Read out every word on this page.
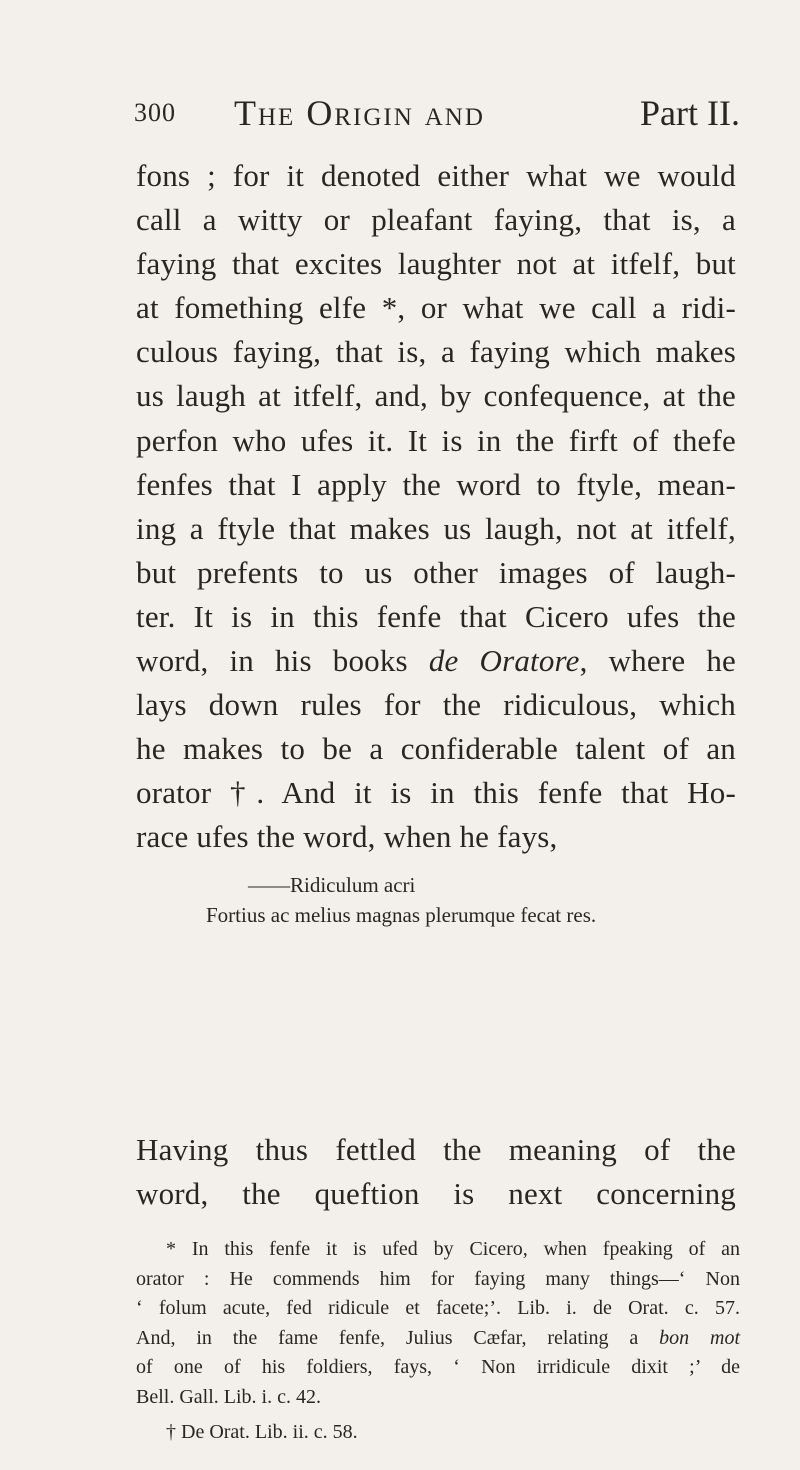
300 The Origin and	Part II.
fons ; for it denoted either what we would
call a witty or pleafant faying, that is, a
faying that excites laughter not at itfelf, but
at fomething elfe *, or what we call a ridi-
culous faying, that is, a faying which makes
us laugh at itfelf, and, by confequence, at the
perfon who ufes it. It is in the firft of thefe
fenfes that I apply the word to ftyle, mean-
ing a ftyle that makes us laugh, not at itfelf,
but prefents to us other images of laugh-
ter. It is in this fenfe that Cicero ufes the
word, in his books de Oratore, where he
lays down rules for the ridiculous, which
he makes to be a confiderable talent of an
orator †. And it is in this fenfe that Ho-
race ufes the word, when he fays,
——Ridiculum acri
Fortius ac melius magnas plerumque fecat res.
Having thus fettled the meaning of the
word, the queftion is next concerning
* In this fenfe it is ufed by Cicero, when fpeaking of an
orator : He commends him for faying many things—‘ Non
‘ folum acute, fed ridicule et facete;’. Lib. i. de Orat. c. 57.
And, in the fame fenfe, Julius Cæfar, relating a bon mot
of one of his foldiers, fays, ‘ Non irridicule dixit ;’ de
Bell. Gall. Lib. i. c. 42.
† De Orat. Lib. ii. c. 58.
